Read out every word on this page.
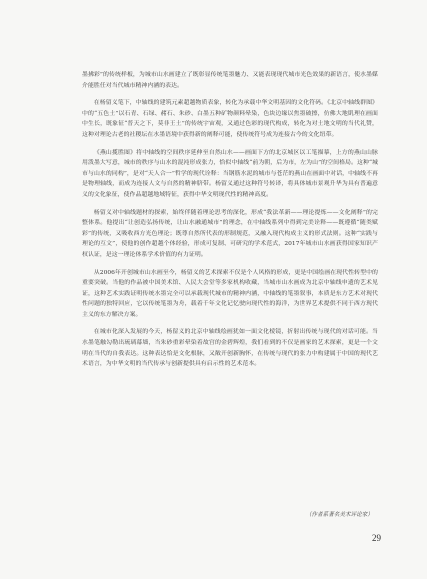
墨拂彩”的传统样板，为城市山水画建立了既彰显传统笔墨魅力、又能表现现代城市光色效果的新语言，使水墨媒介能胜任对当代城市精神内涵的表达。

在杨留义笔下，中轴线的建筑元素超越物质表象，转化为承载中华文明基因的文化符码。《北京中轴线群图》中的“五色土”以石青、石绿、赭石、朱砂、白墨五种矿物颜料晕染，色块边缘以焦墨破擦，仿佛大地肌理在画面中生长，既象征“普天之下，莫非王土”的传统宇宙观，又通过色彩的现代构成，转化为对土地文明的当代礼赞，这种对理论古老的社稷坛在水墨语境中获得新的阐释可能，使传统符号成为连接古今的文化纽带。

《燕山揽胜图》将中轴线的空间秩序延伸至自然山水——画面下方的北京城区以工笔描摹，上方的燕山山脉用泼墨大写意，城市的秩序与山水的混沌形成张力，恰似中轴线“前为朝，后为市，左为山”的空间格局。这种“城市与山水的同构”，是对“天人合一”哲学的现代诠释：当钢筋水泥的城市与苍茫的燕山在画面中对话，中轴线不再是物理轴线，而成为连接人文与自然的精神脐带。杨留义通过这种符号转译，将具体城市景观升华为具有普遍意义的文化象征，使作品超越地域特征，获得中华文明现代性的精神高度。

杨留义对中轴线题材的探索，始终伴随着理论思考的深化，形成“我法革新——理论提炼——文化阐释”的完整体系。他提出“让创造弘扬传统，让山水融通城市”的理念，在中轴线系列中得到完美诠释——既遵循“随类赋彩”的传统，又吸收西方光色理论；既尊自然所代表的形制规范，又融入现代构成主义的形式法则。这种“实践与理论的互文”，使他的创作超越个体经验，形成可复制、可研究的学术范式，2017年城市山水画获得国家知识产权认证，是这一理论体系学术价值的有力证明。

从2006年开创城市山水画至今，杨留义的艺术探索不仅是个人风格的形成，更是中国绘画在现代性转型中的重要突破。当他的作品被中国美术馆、人民大会堂等多家机构收藏，当城市山水画成为北京中轴线申遗的艺术见证，这种艺术实践证明传统水墨完全可以承载现代城市的精神内涵，中轴线的笔墨叙事，本质是东方艺术对现代性问题的独特回应，它以传统笔墨为舟，载着千年文化记忆驶向现代性的海洋，为世界艺术提供不同于西方现代主义的东方解决方案。

在城市化深入发展的今天，杨留义的北京中轴线绘画犹如一面文化棱镜，折射出传统与现代的对话可能。当水墨笔触勾勒出琉璃幕墙，当朱砂重彩晕染着故宫的金碧辉煌，我们看到的不仅是画家的艺术探索，更是一个文明在当代的自我表达。这种表达恰是文化根脉，又敞开创新胸怀，在传统与现代的张力中构建属于中国的现代艺术语言，为中华文明的当代传承与创新提供具有启示性的艺术范本。

（作者系著名美术评论家）
29
